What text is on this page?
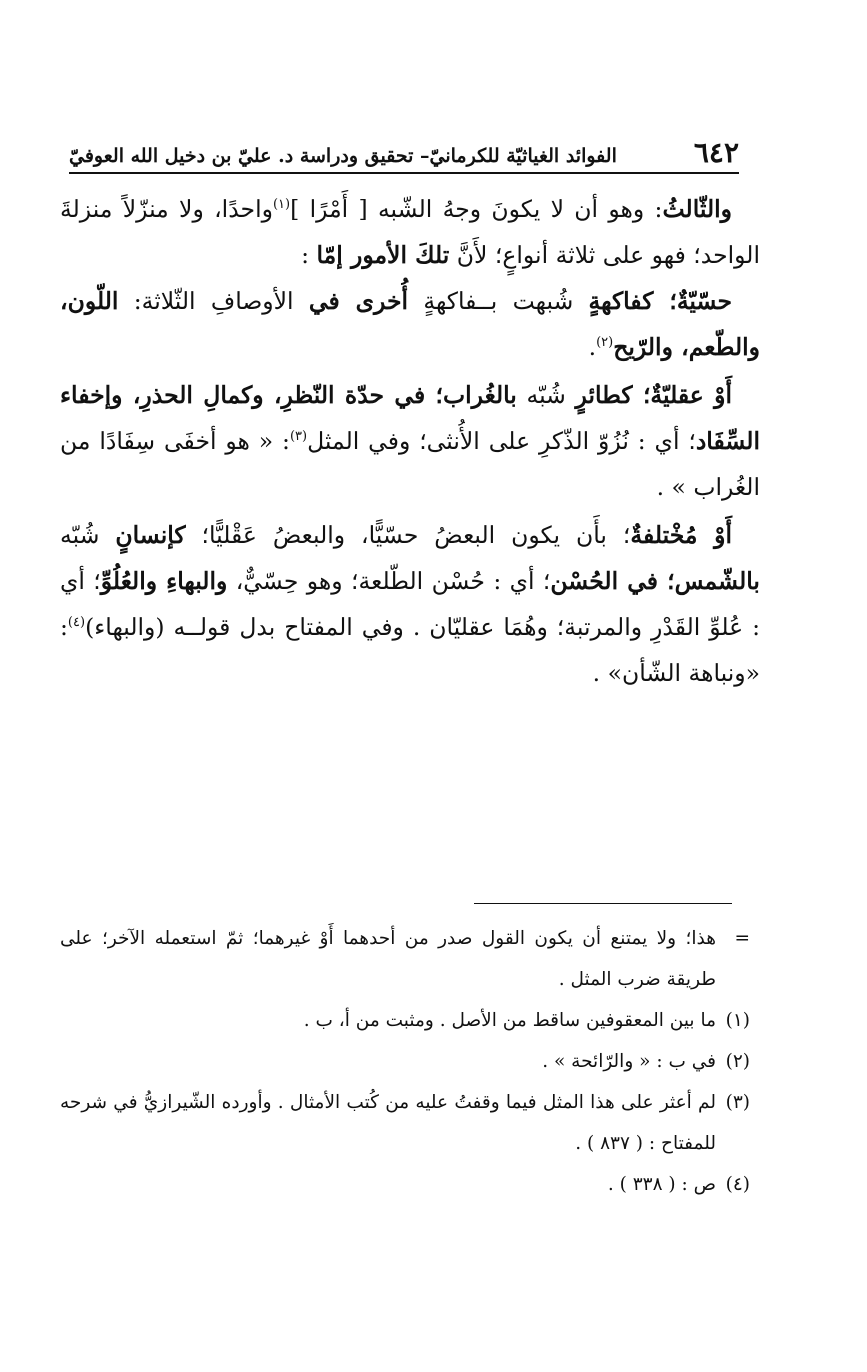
٦٤٢
الفوائد الغياثيّة للكرمانيّ– تحقيق ودراسة د. عليّ بن دخيل الله العوفيّ

والثّالثُ: وهو أن لا يكونَ وجهُ الشّبه [ أَمْرًا ]$^{(١)}$واحدًا، ولا منزّلاً منزلةَ الواحد؛ فهو على ثلاثة أنواعٍ؛ لأَنَّ تلكَ الأمور إمّا :

حسّيّةٌ؛ كفاكهةٍ شُبهت بــفاكهةٍ أُخرى في الأوصافِ الثّلاثة: اللّون، والطّعم، والرّيح$^{(٢)}$.

أَوْ عقليّةٌ؛ كطائرٍ شُبّه بالغُراب؛ في حدّة النّظرِ، وكمالِ الحذرِ، وإخفاء السِّفَاد؛ أي : نُزُوّ الذّكرِ على الأُنثى؛ وفي المثل$^{(٣)}$: « هو أخفَى سِفَادًا من الغُراب » .

أَوْ مُخْتلفةٌ؛ بأَن يكون البعضُ حسّيًّا، والبعضُ عَقْليًّا؛ كإنسانٍ شُبّه بالشّمس؛ في الحُسْن؛ أي : حُسْن الطّلعة؛ وهو حِسّيٌّ، والبهاءِ والعُلُوِّ؛ أي : عُلوِّ القَدْرِ والمرتبة؛ وهُمَا عقليّان . وفي المفتاح بدل قولــه (والبهاء)$^{(٤)}$: «ونباهة الشّأن» .

=
هذا؛ ولا يمتنع أن يكون القول صدر من أحدهما أَوْ غيرهما؛ ثمّ استعمله الآخر؛ على طريقة ضرب المثل .
(١)
ما بين المعقوفين ساقط من الأصل . ومثبت من أ، ب .
(٢)
في ب : « والرّائحة » .
(٣)
لم أعثر على هذا المثل فيما وقفتُ عليه من كُتب الأمثال . وأورده الشّيرازيُّ في شرحه للمفتاح : ( ٨٣٧ ) .
(٤)
ص : ( ٣٣٨ ) .
